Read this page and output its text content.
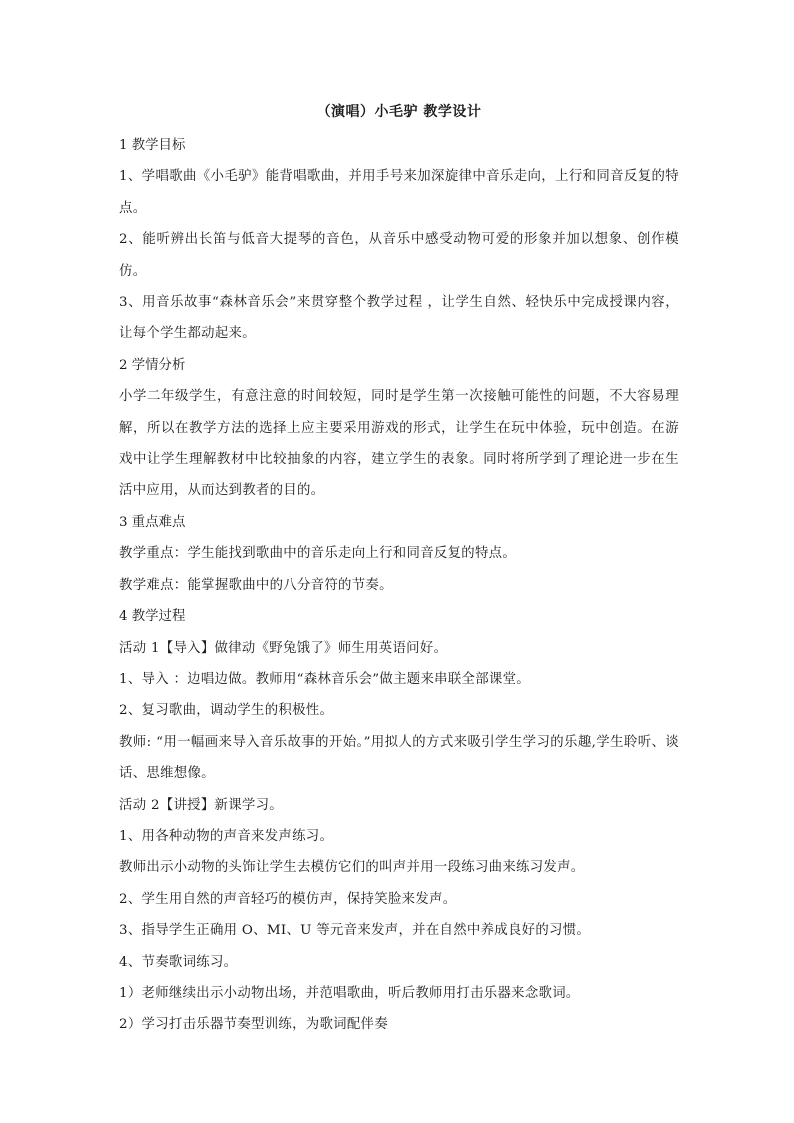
（演唱）小毛驴 教学设计
1 教学目标
1、学唱歌曲《小毛驴》能背唱歌曲，并用手号来加深旋律中音乐走向，上行和同音反复的特点。
2、能听辨出长笛与低音大提琴的音色，从音乐中感受动物可爱的形象并加以想象、创作模仿。
3、用音乐故事“森林音乐会”来贯穿整个教学过程 ，让学生自然、轻快乐中完成授课内容，让每个学生都动起来。
2 学情分析
小学二年级学生，有意注意的时间较短，同时是学生第一次接触可能性的问题，不大容易理解，所以在教学方法的选择上应主要采用游戏的形式，让学生在玩中体验，玩中创造。在游戏中让学生理解教材中比较抽象的内容，建立学生的表象。同时将所学到了理论进一步在生活中应用，从而达到教者的目的。
3 重点难点
教学重点：学生能找到歌曲中的音乐走向上行和同音反复的特点。
教学难点：能掌握歌曲中的八分音符的节奏。
4 教学过程
活动 1【导入】做律动《野兔饿了》师生用英语问好。
1、导入 ：边唱边做。教师用“森林音乐会”做主题来串联全部课堂。
2、复习歌曲，调动学生的积极性。
教师: “用一幅画来导入音乐故事的开始。”用拟人的方式来吸引学生学习的乐趣,学生聆听、谈话、思维想像。
活动 2【讲授】新课学习。
1、用各种动物的声音来发声练习。
教师出示小动物的头饰让学生去模仿它们的叫声并用一段练习曲来练习发声。
2、学生用自然的声音轻巧的模仿声，保持笑脸来发声。
3、指导学生正确用 O、MI、U 等元音来发声，并在自然中养成良好的习惯。
4、节奏歌词练习。
1）老师继续出示小动物出场，并范唱歌曲，听后教师用打击乐器来念歌词。
2）学习打击乐器节奏型训练，为歌词配伴奏
